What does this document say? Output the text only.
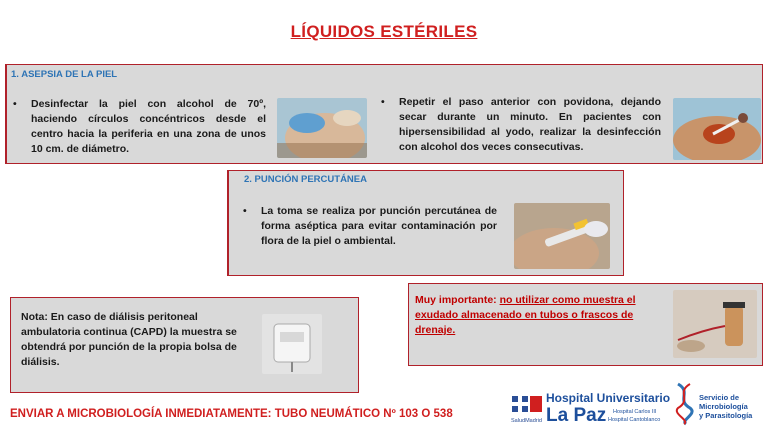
LÍQUIDOS ESTÉRILES
1. ASEPSIA DE LA PIEL
• Desinfectar la piel con alcohol de 70º, haciendo círculos concéntricos desde el centro hacia la periferia en una zona de unos 10 cm. de diámetro.
• Repetir el paso anterior con povidona, dejando secar durante un minuto. En pacientes con hipersensibilidad al yodo, realizar la desinfección con alcohol dos veces consecutivas.
2. PUNCIÓN PERCUTÁNEA
• La toma se realiza por punción percutánea de forma aséptica para evitar contaminación por flora de la piel o ambiental.
Nota: En caso de diálisis peritoneal ambulatoria continua (CAPD) la muestra se obtendrá por punción de la propia bolsa de diálisis.
Muy importante: no utilizar como muestra el exudado almacenado en tubos o frascos de drenaje.
ENVIAR A MICROBIOLOGÍA INMEDIATAMENTE: TUBO NEUMÁTICO Nº 103 O 538
SaludMadrid
Hospital Universitario
La Paz Hospital Carlos III
Hospital Cantoblanco
Servicio de
Microbiología
y Parasitología
